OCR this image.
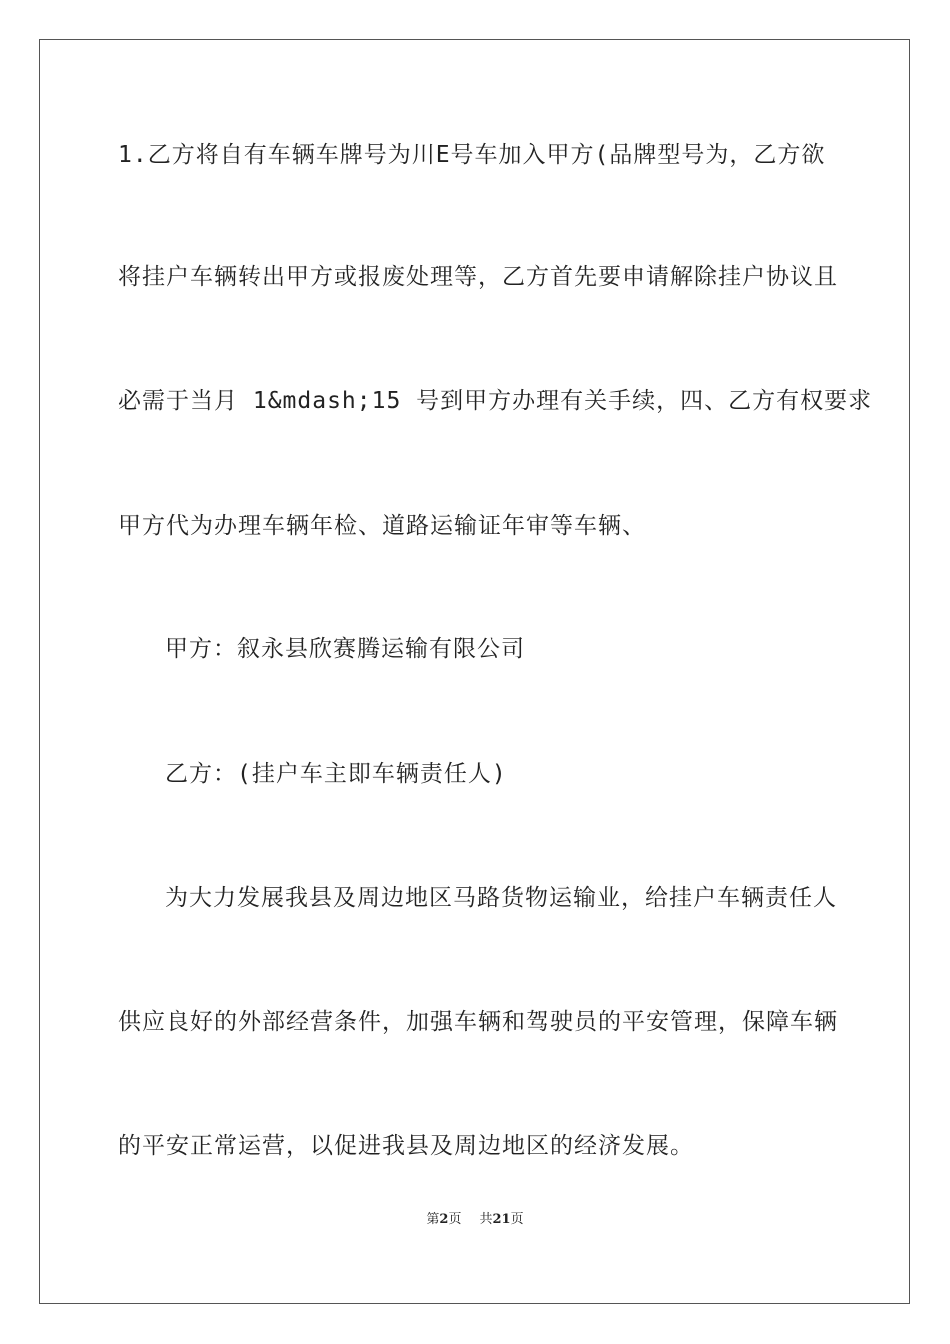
1.乙方将自有车辆车牌号为川E号车加入甲方(品牌型号为，乙方欲
将挂户车辆转出甲方或报废处理等，乙方首先要申请解除挂户协议且
必需于当月 1&mdash;15 号到甲方办理有关手续，四、乙方有权要求
甲方代为办理车辆年检、道路运输证年审等车辆、
甲方：叙永县欣赛腾运输有限公司
乙方：(挂户车主即车辆责任人)
为大力发展我县及周边地区马路货物运输业，给挂户车辆责任人
供应良好的外部经营条件，加强车辆和驾驶员的平安管理，保障车辆
的平安正常运营，以促进我县及周边地区的经济发展。
第2页 共21页
